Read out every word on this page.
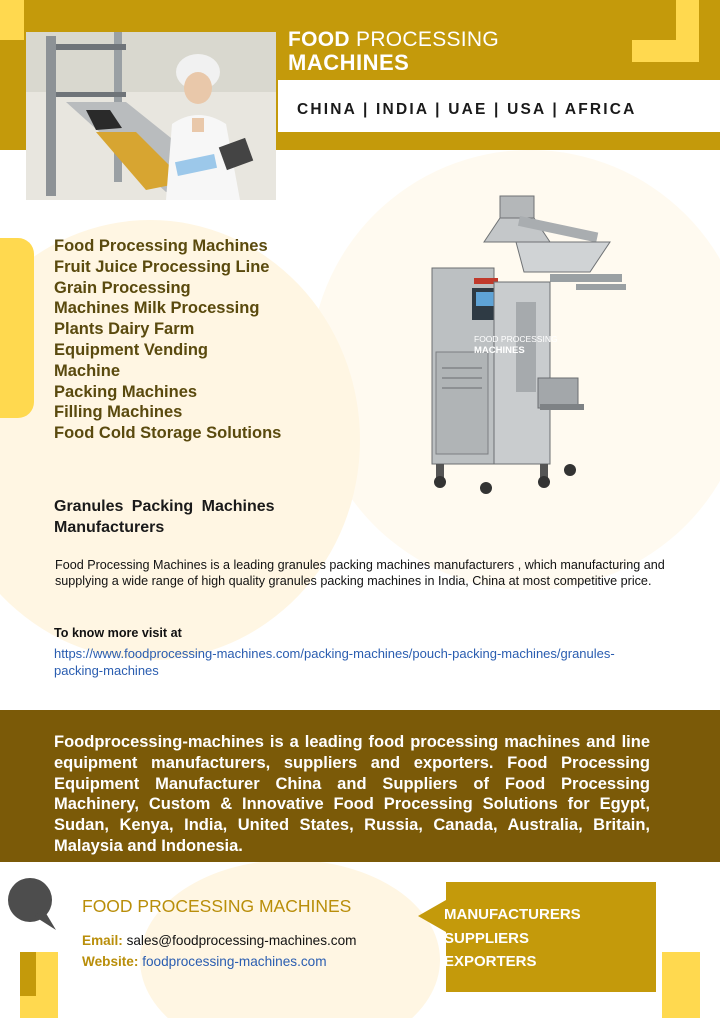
FOOD PROCESSING
MACHINES
CHINA | INDIA | UAE | USA | AFRICA
Food Processing Machines
Fruit Juice Processing Line
Grain Processing
Machines Milk Processing
Plants Dairy Farm
Equipment Vending
Machine
Packing Machines
Filling Machines
Food Cold Storage Solutions
FOOD PROCESSING
MACHINES
Granules Packing Machines Manufacturers
Food Processing Machines is a leading granules packing machines manufacturers , which manufacturing and supplying a wide range of high quality granules packing machines in India, China at most competitive price.
To know more visit at
https://www.foodprocessing-machines.com/packing-machines/pouch-packing-machines/granules-packing-machines
Foodprocessing-machines is a leading food processing machines and line equipment manufacturers, suppliers and exporters. Food Processing Equipment Manufacturer China and Suppliers of Food Processing Machinery, Custom & Innovative Food Processing Solutions for Egypt, Sudan, Kenya, India, United States, Russia, Canada, Australia, Britain, Malaysia and Indonesia.
FOOD PROCESSING MACHINES
Email: sales@foodprocessing-machines.com
Website: foodprocessing-machines.com
MANUFACTURERS
SUPPLIERS
EXPORTERS
